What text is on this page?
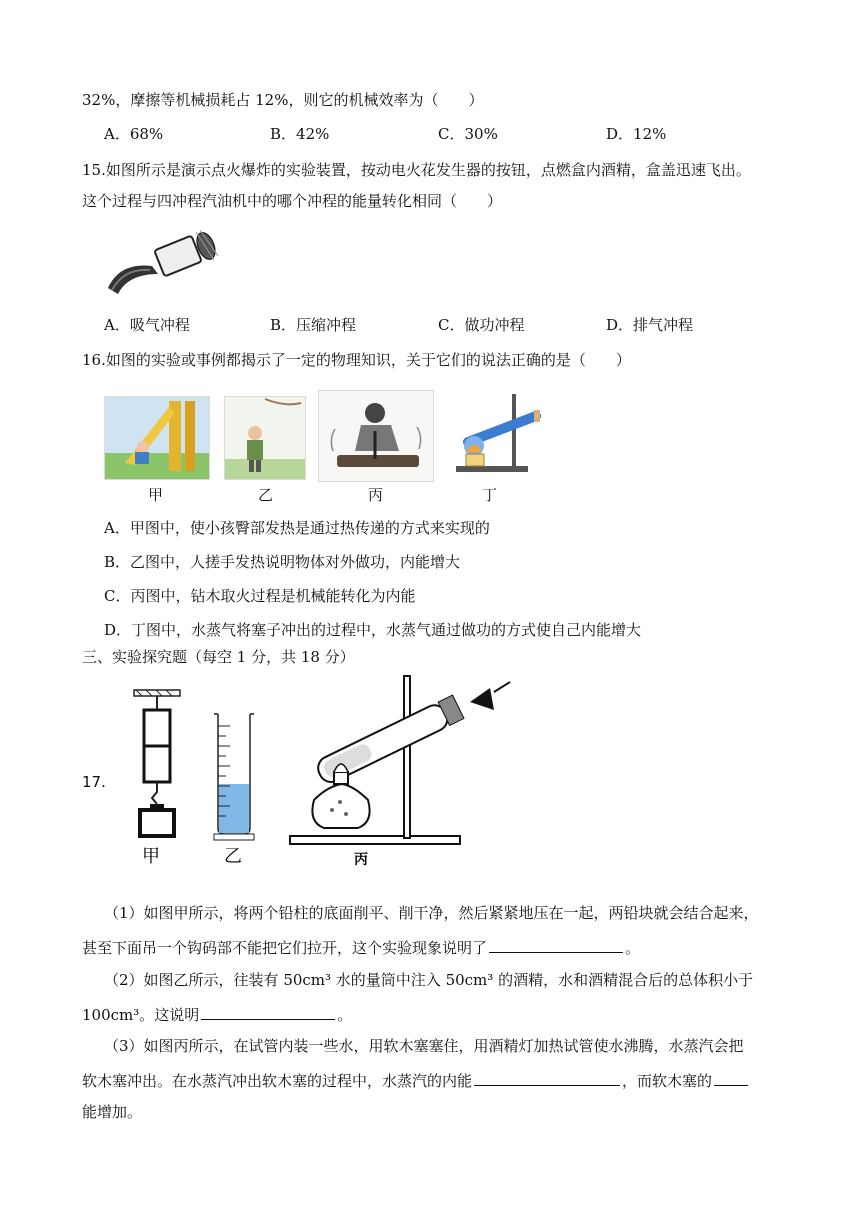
32%，摩擦等机械损耗占 12%，则它的机械效率为（　　）
A．68%	B．42%	C．30%	D．12%
15.如图所示是演示点火爆炸的实验装置，按动电火花发生器的按钮，点燃盒内酒精，盒盖迅速飞出。
这个过程与四冲程汽油机中的哪个冲程的能量转化相同（　　）
A．吸气冲程	B．压缩冲程	C．做功冲程	D．排气冲程
16.如图的实验或事例都揭示了一定的物理知识，关于它们的说法正确的是（　　）
甲	乙	丙	丁
A．甲图中，使小孩臀部发热是通过热传递的方式来实现的
B．乙图中，人搓手发热说明物体对外做功，内能增大
C．丙图中，钻木取火过程是机械能转化为内能
D．丁图中，水蒸气将塞子冲出的过程中，水蒸气通过做功的方式使自己内能增大
三、实验探究题（每空 1 分，共 18 分）
17.
甲	乙	丙
（1）如图甲所示，将两个铅柱的底面削平、削干净，然后紧紧地压在一起，两铅块就会结合起来，
甚至下面吊一个钩码部不能把它们拉开，这个实验现象说明了	。
（2）如图乙所示，往装有 50cm³ 水的量筒中注入 50cm³ 的酒精，水和酒精混合后的总体积小于
100cm³。这说明	。
（3）如图丙所示，在试管内装一些水，用软木塞塞住，用酒精灯加热试管使水沸腾，水蒸汽会把
软木塞冲出。在水蒸汽冲出软木塞的过程中，水蒸汽的内能	，而软木塞的
能增加。
